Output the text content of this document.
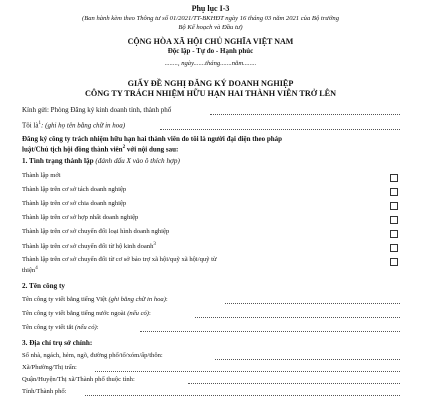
Phụ lục I-3
(Ban hành kèm theo Thông tư số 01/2021/TT-BKHĐT ngày 16 tháng 03 năm 2021 của Bộ trưởng
Bộ Kế hoạch và Đầu tư)
CỘNG HÒA XÃ HỘI CHỦ NGHĨA VIỆT NAM
Độc lập - Tự do - Hạnh phúc
........, ngày.......tháng.......năm........
GIẤY ĐỀ NGHỊ ĐĂNG KÝ DOANH NGHIỆP
CÔNG TY TRÁCH NHIỆM HỮU HẠN HAI THÀNH VIÊN TRỞ LÊN
Kính gửi: Phòng Đăng ký kinh doanh tỉnh, thành phố
Tôi $là^1$: (ghi họ tên bằng chữ in hoa)
Đăng ký công ty trách nhiệm hữu hạn hai thành viên do tôi là người đại diện theo pháp
luật/Chủ tịch hội đồng thành viên$^2$ với nội dung sau:
1. Tình trạng thành lập (đánh dấu X vào ô thích hợp)
Thành lập mới
Thành lập trên cơ sở tách doanh nghiệp
Thành lập trên cơ sở chia doanh nghiệp
Thành lập trên cơ sở hợp nhất doanh nghiệp
Thành lập trên cơ sở chuyển đổi loại hình doanh nghiệp
Thành lập trên cơ sở chuyển đổi từ hộ kinh doanh$^3$
Thành lập trên cơ sở chuyển đổi từ cơ sở bảo trợ xã hội/quỹ xã hội/quỹ từ
thiện$^4$
2. Tên công ty
Tên công ty viết bằng tiếng Việt (ghi bằng chữ in hoa):
Tên công ty viết bằng tiếng nước ngoài (nếu có):
Tên công ty viết tắt (nếu có):
3. Địa chỉ trụ sở chính:
Số nhà, ngách, hẻm, ngõ, đường phố/tổ/xóm/ấp/thôn:
Xã/Phường/Thị trấn:
Quận/Huyện/Thị xã/Thành phố thuộc tỉnh:
Tỉnh/Thành phố:
